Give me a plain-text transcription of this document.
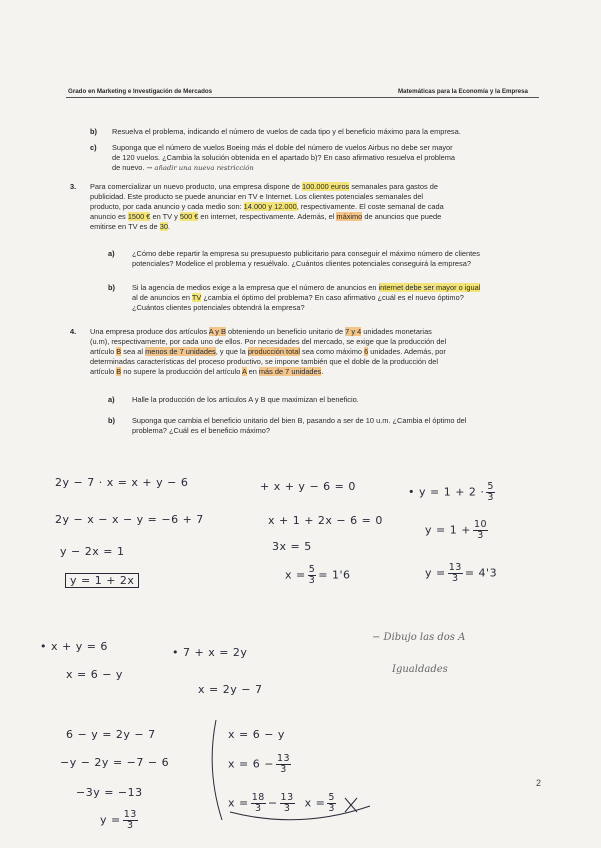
Grado en Marketing e Investigación de Mercados	Matemáticas para la Economía y la Empresa
b) Resuelva el problema, indicando el número de vuelos de cada tipo y el beneficio máximo para la empresa.
c) Suponga que el número de vuelos Boeing más el doble del número de vuelos Airbus no debe ser mayor
de 120 vuelos. ¿Cambia la solución obtenida en el apartado b)? En caso afirmativo resuelva el problema
de nuevo. → añadir una nueva restricción
3. Para comercializar un nuevo producto, una empresa dispone de 100.000 euros semanales para gastos de
publicidad. Este producto se puede anunciar en TV e Internet. Los clientes potenciales semanales del
producto, por cada anuncio y cada medio son: 14.000 y 12.000, respectivamente. El coste semanal de cada
anuncio es 1500 € en TV y 500 € en internet, respectivamente. Además, el máximo de anuncios que puede
emitirse en TV es de 30.
a) ¿Cómo debe repartir la empresa su presupuesto publicitario para conseguir el máximo número de clientes
potenciales? Modelice el problema y resuélvalo. ¿Cuántos clientes potenciales conseguirá la empresa?
b) Si la agencia de medios exige a la empresa que el número de anuncios en internet debe ser mayor o igual
al de anuncios en TV ¿cambia el óptimo del problema? En caso afirmativo ¿cuál es el nuevo óptimo?
¿Cuántos clientes potenciales obtendrá la empresa?
4. Una empresa produce dos artículos A y B obteniendo un beneficio unitario de 7 y 4 unidades monetarias
(u.m), respectivamente, por cada uno de ellos. Por necesidades del mercado, se exige que la producción del
artículo B sea al menos de 7 unidades, y que la producción total sea como máximo 6 unidades. Además, por
determinadas características del proceso productivo, se impone también que el doble de la producción del
artículo B no supere la producción del artículo A en más de 7 unidades.
a) Halle la producción de los artículos A y B que maximizan el beneficio.
b) Suponga que cambia el beneficio unitario del bien B, pasando a ser de 10 u.m. ¿Cambia el óptimo del
problema? ¿Cuál es el beneficio máximo?
2y − 7 · x = x + y − 6
2y − x − x − y = −6 + 7
y − 2x = 1
y = 1 + 2x
+ x + y − 6 = 0
x + 1 + 2x − 6 = 0
3x = 5
$x = \frac{5}{3} = 1'6$
• $y = 1 + 2 \cdot \frac{5}{3}$
$y = 1 + \frac{10}{3}$
$y = \frac{13}{3} = 4'3$
• x + y = 6	• 7 + x = 2y
x = 6 − y
x = 2y − 7
− Dibujo las dos A
Igualdades
6 − y = 2y − 7
−y − 2y = −7 − 6
−3y = −13
$y = \frac{13}{3}$
x = 6 − y
$x = 6 - \frac{13}{3}$
$x = \frac{18}{3} - \frac{13}{3}$ $x = \frac{5}{3}$
2
